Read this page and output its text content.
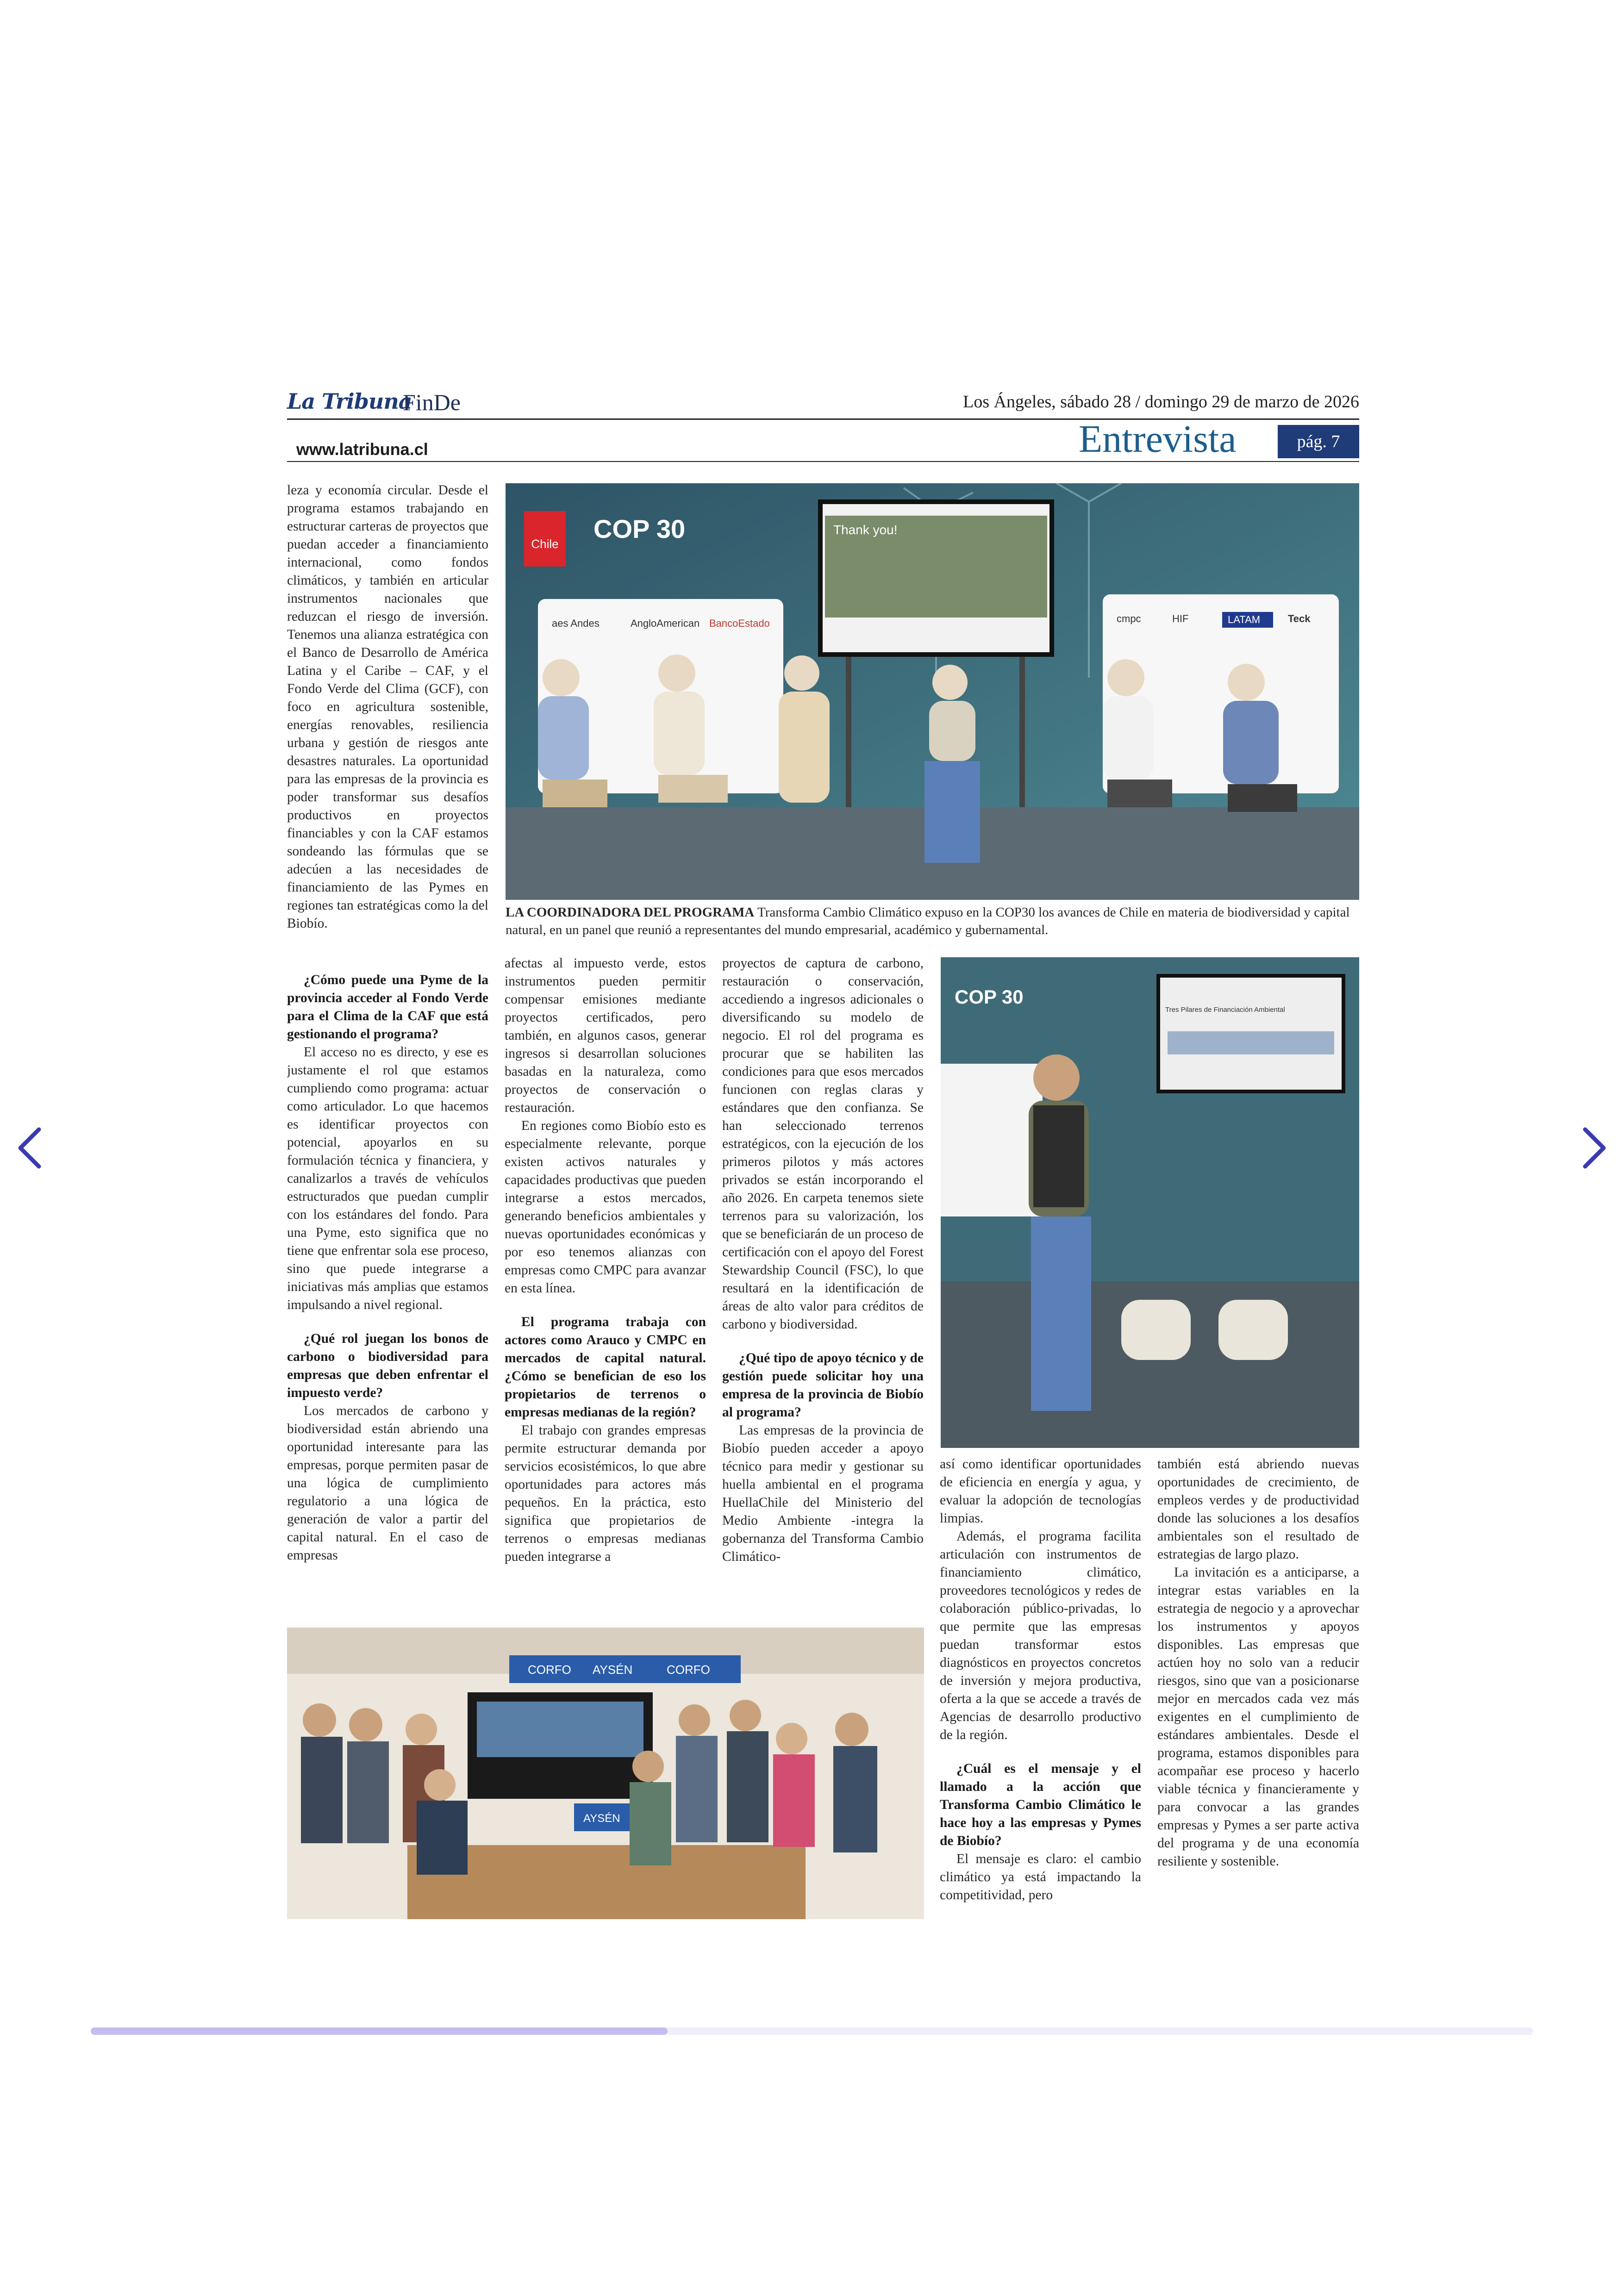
La Tribuna
FinDe	Los Ángeles, sábado 28 / domingo 29 de marzo de 2026
www.latribuna.cl	Entrevista	pág. 7

leza y economía circular. Desde el programa estamos trabajando en estructurar carteras de proyectos que puedan acceder a financiamiento internacional, como fondos climáticos, y también en articular instrumentos nacionales que reduzcan el riesgo de inversión. Tenemos una alianza estratégica con el Banco de Desarrollo de América Latina y el Caribe – CAF, y el Fondo Verde del Clima (GCF), con foco en agricultura sostenible, energías renovables, resiliencia urbana y gestión de riesgos ante desastres naturales. La oportunidad para las empresas de la provincia es poder transformar sus desafíos productivos en proyectos financiables y con la CAF estamos sondeando las fórmulas que se adecúen a las necesidades de financiamiento de las Pymes en regiones tan estratégicas como la del Biobío.

¿Cómo puede una Pyme de la provincia acceder al Fondo Verde para el Clima de la CAF que está gestionando el programa?

El acceso no es directo, y ese es justamente el rol que estamos cumpliendo como programa: actuar como articulador. Lo que hacemos es identificar proyectos con potencial, apoyarlos en su formulación técnica y financiera, y canalizarlos a través de vehículos estructurados que puedan cumplir con los estándares del fondo. Para una Pyme, esto significa que no tiene que enfrentar sola ese proceso, sino que puede integrarse a iniciativas más amplias que estamos impulsando a nivel regional.

¿Qué rol juegan los bonos de carbono o biodiversidad para empresas que deben enfrentar el impuesto verde?

Los mercados de carbono y biodiversidad están abriendo una oportunidad interesante para las empresas, porque permiten pasar de una lógica de cumplimiento regulatorio a una lógica de generación de valor a partir del capital natural. En el caso de empresas

afectas al impuesto verde, estos instrumentos pueden permitir compensar emisiones mediante proyectos certificados, pero también, en algunos casos, generar ingresos si desarrollan soluciones basadas en la naturaleza, como proyectos de conservación o restauración.

En regiones como Biobío esto es especialmente relevante, porque existen activos naturales y capacidades productivas que pueden integrarse a estos mercados, generando beneficios ambientales y nuevas oportunidades económicas y por eso tenemos alianzas con empresas como CMPC para avanzar en esta línea.

El programa trabaja con actores como Arauco y CMPC en mercados de capital natural. ¿Cómo se benefician de eso los propietarios de terrenos o empresas medianas de la región?

El trabajo con grandes empresas permite estructurar demanda por servicios ecosistémicos, lo que abre oportunidades para actores más pequeños. En la práctica, esto significa que propietarios de terrenos o empresas medianas pueden integrarse a

proyectos de captura de carbono, restauración o conservación, accediendo a ingresos adicionales o diversificando su modelo de negocio. El rol del programa es procurar que se habiliten las condiciones para que esos mercados funcionen con reglas claras y estándares que den confianza. Se han seleccionado terrenos estratégicos, con la ejecución de los primeros pilotos y más actores privados se están incorporando el año 2026. En carpeta tenemos siete terrenos para su valorización, los que se beneficiarán de un proceso de certificación con el apoyo del Forest Stewardship Council (FSC), lo que resultará en la identificación de áreas de alto valor para créditos de carbono y biodiversidad.

¿Qué tipo de apoyo técnico y de gestión puede solicitar hoy una empresa de la provincia de Biobío al programa?

Las empresas de la provincia de Biobío pueden acceder a apoyo técnico para medir y gestionar su huella ambiental en el programa HuellaChile del Ministerio del Medio Ambiente -integra la gobernanza del Transforma Cambio Climático-

así como identificar oportunidades de eficiencia en energía y agua, y evaluar la adopción de tecnologías limpias.

Además, el programa facilita articulación con instrumentos de financiamiento climático, proveedores tecnológicos y redes de colaboración público-privadas, lo que permite que las empresas puedan transformar estos diagnósticos en proyectos concretos de inversión y mejora productiva, oferta a la que se accede a través de Agencias de desarrollo productivo de la región.

¿Cuál es el mensaje y el llamado a la acción que Transforma Cambio Climático le hace hoy a las empresas y Pymes de Biobío?

El mensaje es claro: el cambio climático ya está impactando la competitividad, pero

también está abriendo nuevas oportunidades de crecimiento, de empleos verdes y de productividad donde las soluciones a los desafíos ambientales son el resultado de estrategias de largo plazo.

La invitación es a anticiparse, a integrar estas variables en la estrategia de negocio y a aprovechar los instrumentos y apoyos disponibles. Las empresas que actúen hoy no solo van a reducir riesgos, sino que van a posicionarse mejor en mercados cada vez más exigentes en el cumplimiento de estándares ambientales. Desde el programa, estamos disponibles para acompañar ese proceso y hacerlo viable técnica y financieramente y para convocar a las grandes empresas y Pymes a ser parte activa del programa y de una economía resiliente y sostenible.

Chile
COP 30	Thank you!
aes Andes	AngloAmerican BancoEstado	cmpc	HIF	LATAM	Teck
LA COORDINADORA DEL PROGRAMA Transforma Cambio Climático expuso en la COP30 los avances de Chile en materia de biodiversidad y capital natural, en un panel que reunió a representantes del mundo empresarial, académico y gubernamental.
COP 30
Tres Pilares de Financiación Ambiental
CORFO AYSÉN	CORFO
AYSÉN
